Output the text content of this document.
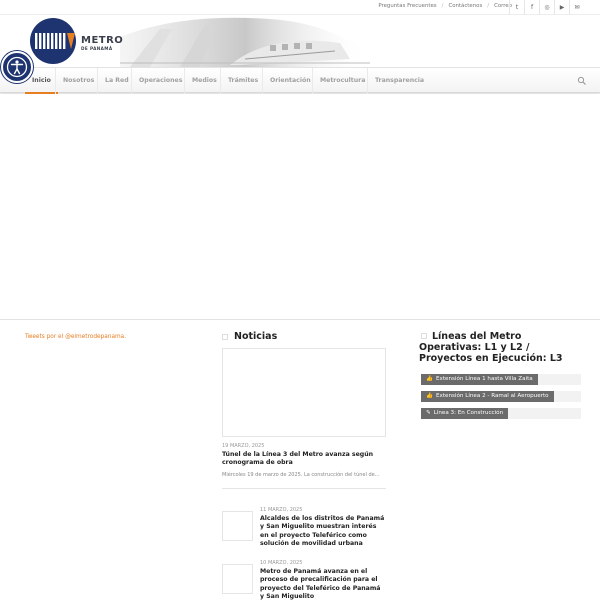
Preguntas Frecuentes / Contáctenos / Correo t	f	◎	▶	✉
METRO
DE PANAMÁ
Inicio	Nosotros	La Red	Operaciones	Medios	Trámites	Orientación	Metrocultura	Transparencia
Tweets por el @elmetrodepanama.	Noticias
19 MARZO, 2025
Túnel de la Línea 3 del Metro avanza según cronograma de obra
Miércoles 19 de marzo de 2025. La construcción del túnel de...
11 MARZO, 2025
Alcaldes de los distritos de Panamá y San Miguelito muestran interés en el proyecto Teleférico como solución de movilidad urbana
10 MARZO, 2025
Metro de Panamá avanza en el proceso de precalificación para el proyecto del Teleférico de Panamá y San Miguelito
Líneas del Metro Operativas: L1 y L2 / Proyectos en Ejecución: L3
👍 Extensión Línea 1 hasta Villa Zaita
👍 Extensión Línea 2 - Ramal al Aeropuerto
✎ Línea 3: En Construcción
